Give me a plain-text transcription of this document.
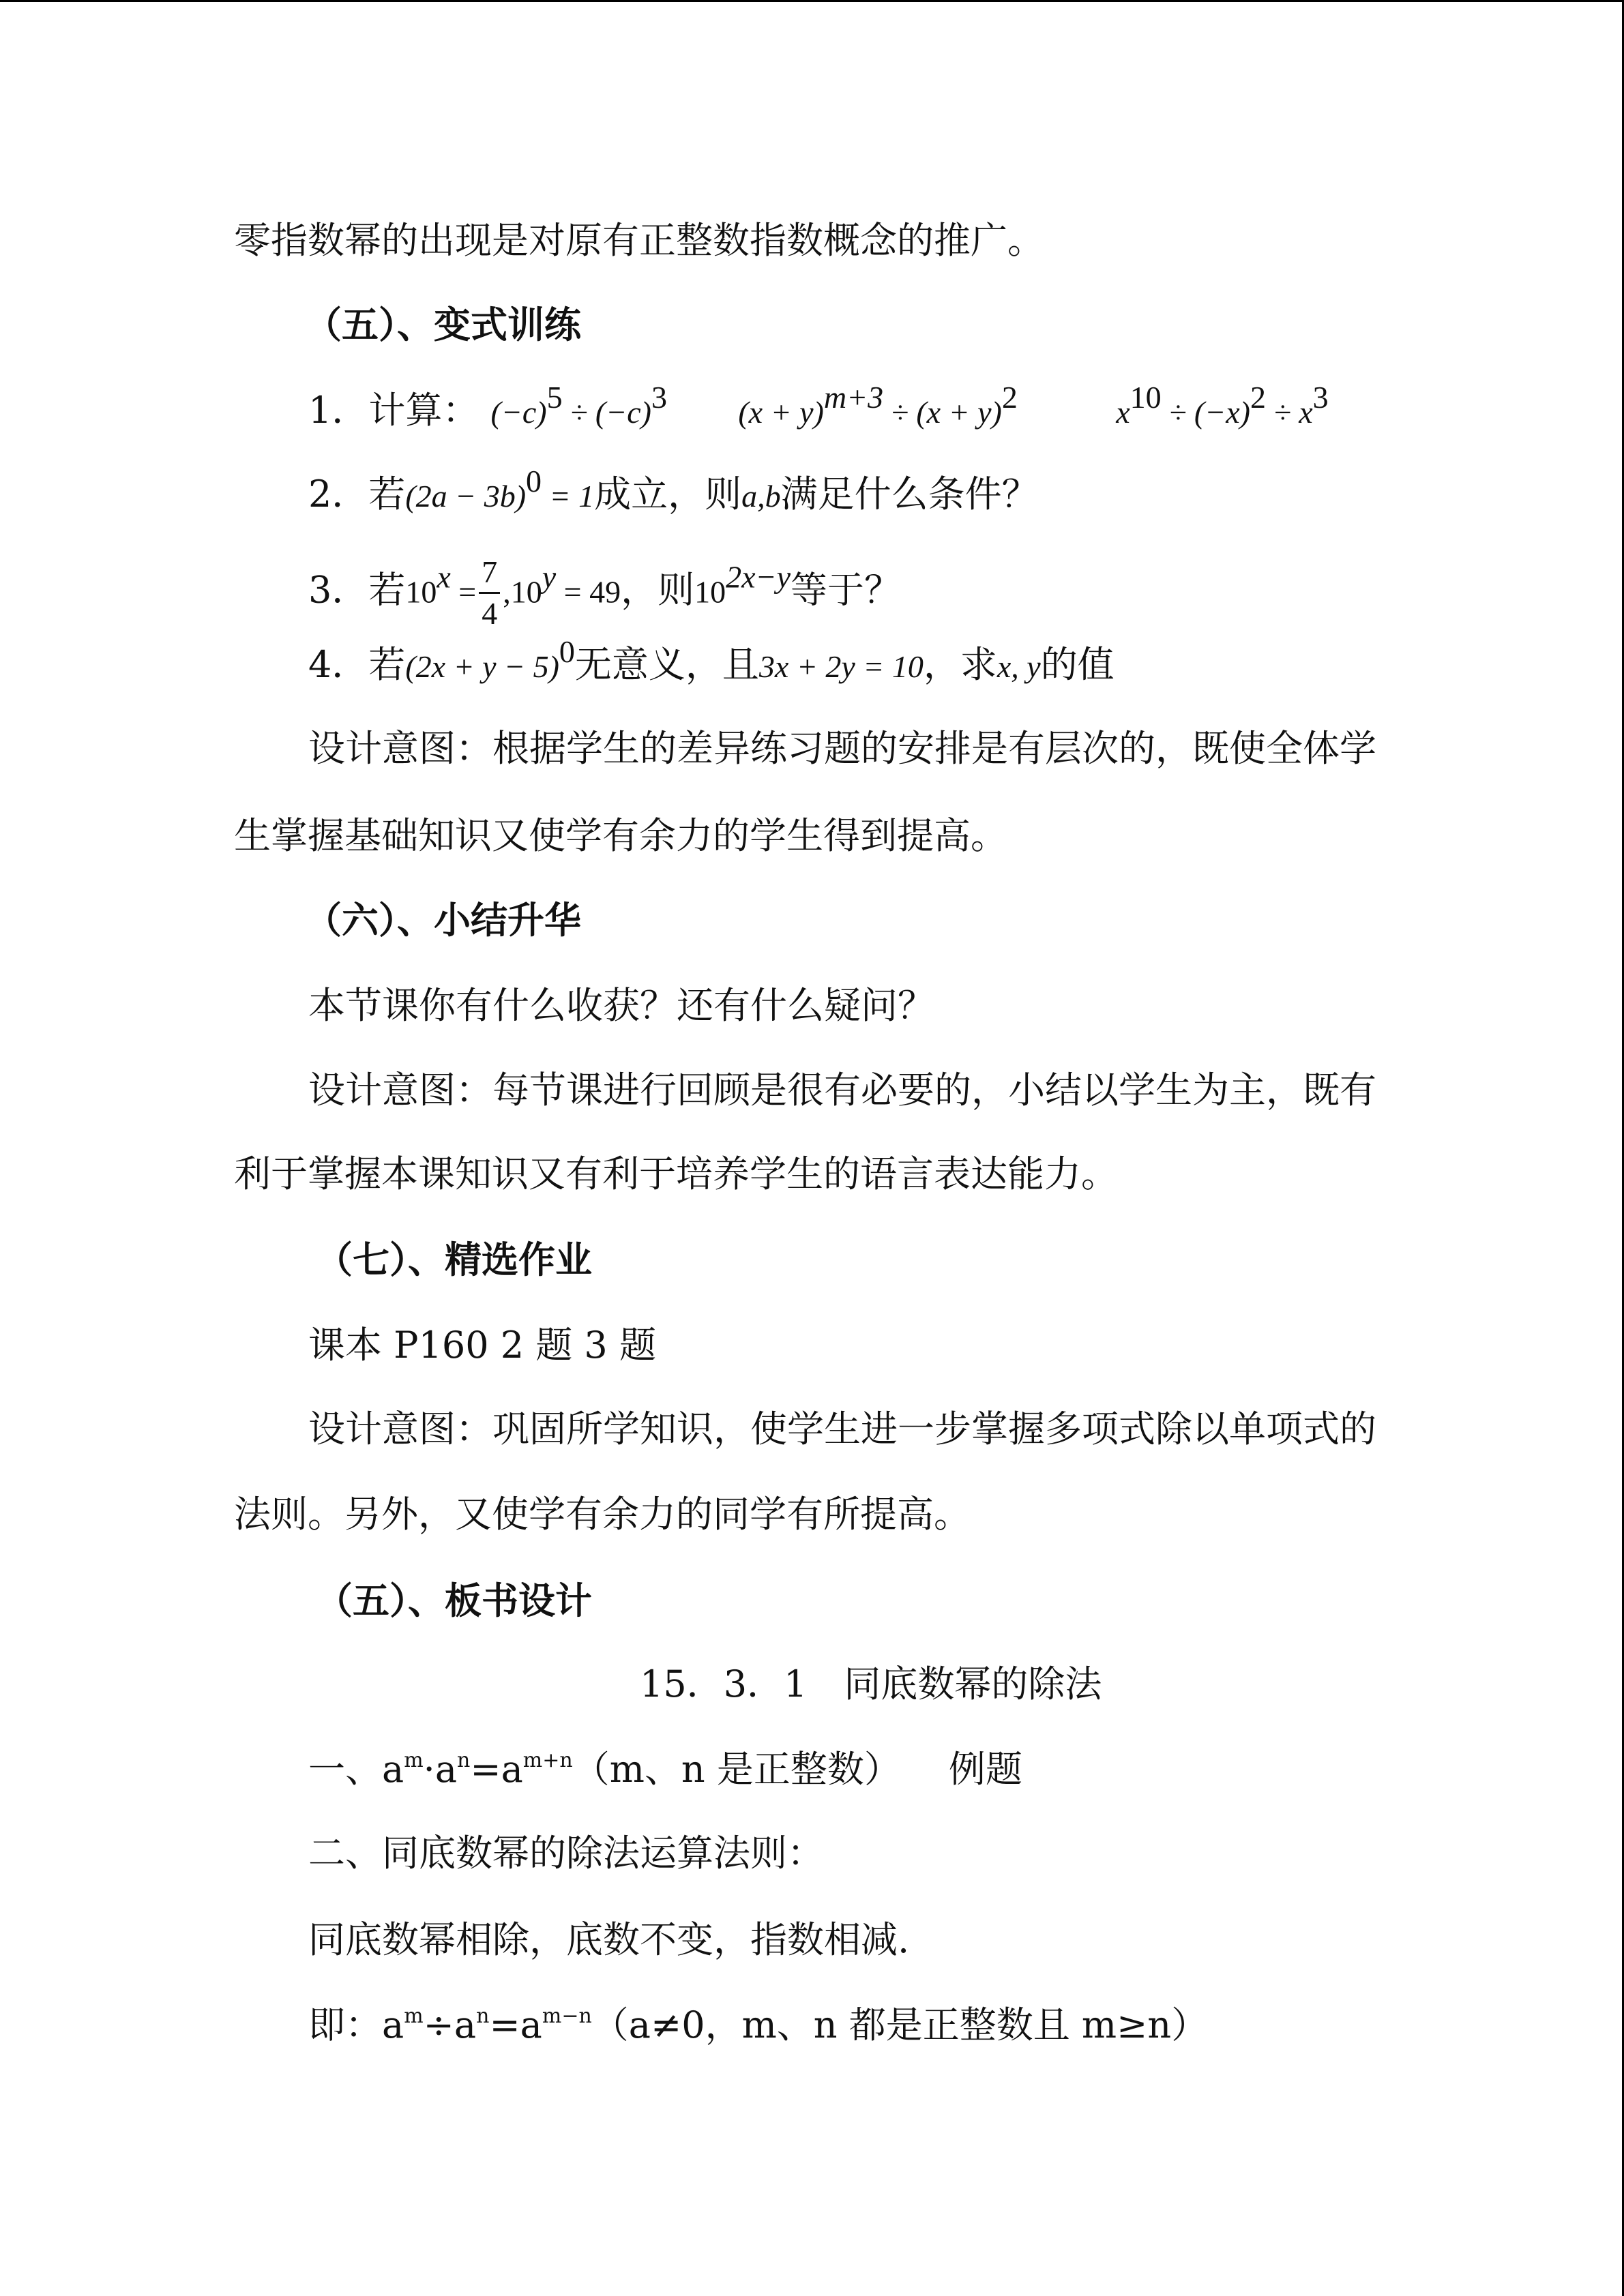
零指数幂的出现是对原有正整数指数概念的推广。
（五）、变式训练
1．计算： $(-c)^5 \div (-c)^3$ $(x + y)^{m+3} \div (x + y)^2$	$x^{10} \div (-x)^2 \div x^3$
2．若$(2a - 3b)^0 = 1$成立，则a,b满足什么条件？
3．若$10^x = \frac{7}{4} ,10^y = 49$，则$10^{2x-y}$等于？
4．若$(2x + y - 5)^0$无意义，且3x + 2y = 10，求x, y的值
设计意图：根据学生的差异练习题的安排是有层次的，既使全体学
生掌握基础知识又使学有余力的学生得到提高。
（六）、小结升华
本节课你有什么收获？还有什么疑问？
设计意图：每节课进行回顾是很有必要的，小结以学生为主，既有
利于掌握本课知识又有利于培养学生的语言表达能力。
（七）、精选作业
课本 P160 2 题 3 题
设计意图：巩固所学知识，使学生进一步掌握多项式除以单项式的
法则。另外，又使学有余力的同学有所提高。
（五）、板书设计
15．3．1　同底数幂的除法
一、$a^m\cdot a^n=a^{m+n}(m$、n 是正整数） 例题
二、同底数幂的除法运算法则：
同底数幂相除，底数不变，指数相减.
即：$a^m\div a^n=a^{m-n}(a\ne 0$，m、n 都是正整数且 m≥n）
